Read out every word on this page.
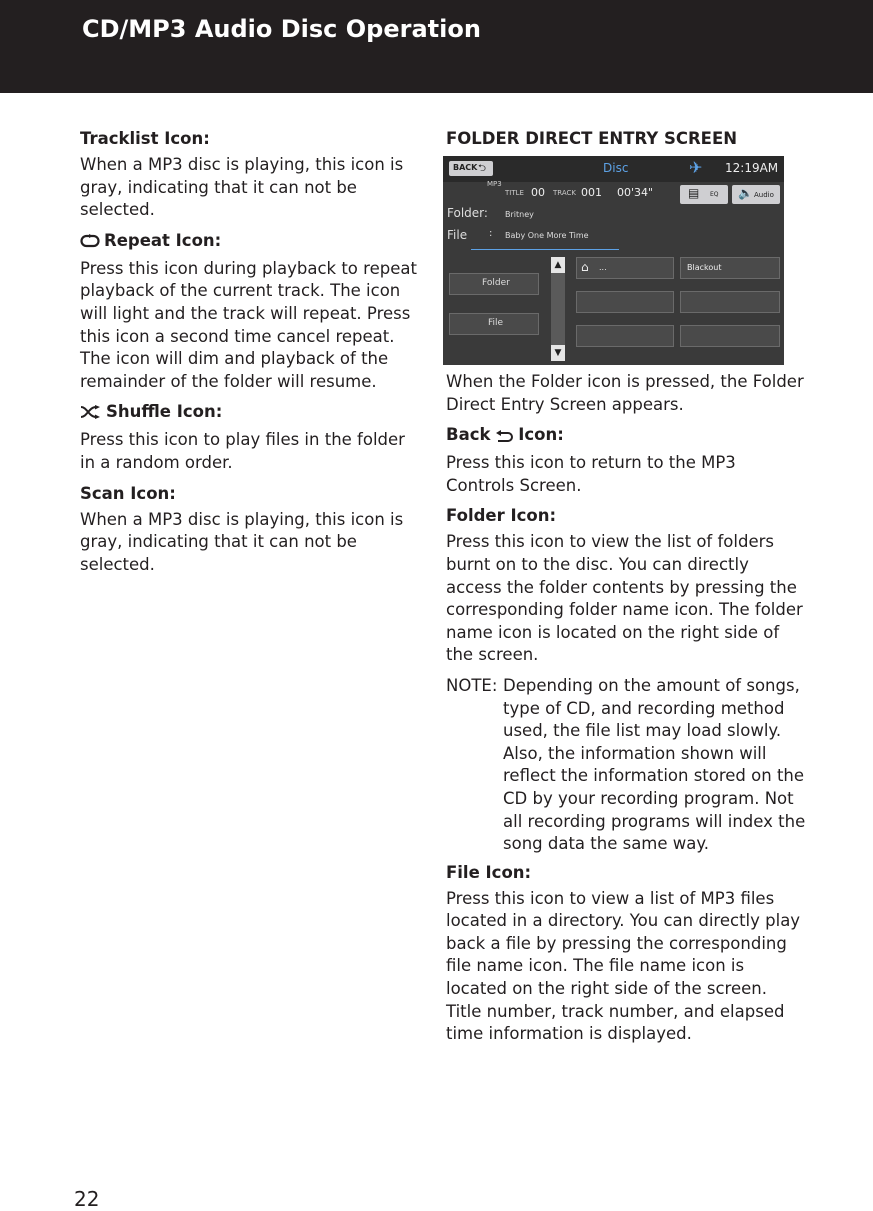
CD/MP3 Audio Disc Operation
Tracklist Icon:

When a MP3 disc is playing, this icon is gray, indicating that it can not be selected.

Repeat Icon:

Press this icon during playback to repeat playback of the current track. The icon will light and the track will repeat. Press this icon a second time cancel repeat. The icon will dim and playback of the remainder of the folder will resume.

Shuffle Icon:

Press this icon to play files in the folder in a random order.

Scan Icon:

When a MP3 disc is playing, this icon is gray, indicating that it can not be selected.

FOLDER DIRECT ENTRY SCREEN
BACK ⮌	Disc	✈ 12:19AM
MP3
TITLE 00 TRACK 001 00'34"	▤ EQ 🔈 Audio
Folder: Britney
File : Baby One More Time
Folder
File
▲
▼
⌂ ...	Blackout

When the Folder icon is pressed, the Folder Direct Entry Screen appears.

Back Icon:

Press this icon to return to the MP3 Controls Screen.

Folder Icon:

Press this icon to view the list of folders burnt on to the disc. You can directly access the folder contents by pressing the corresponding folder name icon. The folder name icon is located on the right side of the screen.

NOTE: Depending on the amount of songs, type of CD, and recording method used, the file list may load slowly. Also, the information shown will reflect the information stored on the CD by your recording program. Not all recording programs will index the song data the same way.
File Icon:

Press this icon to view a list of MP3 files located in a directory. You can directly play back a file by pressing the corresponding file name icon. The file name icon is located on the right side of the screen. Title number, track number, and elapsed time information is displayed.

22
